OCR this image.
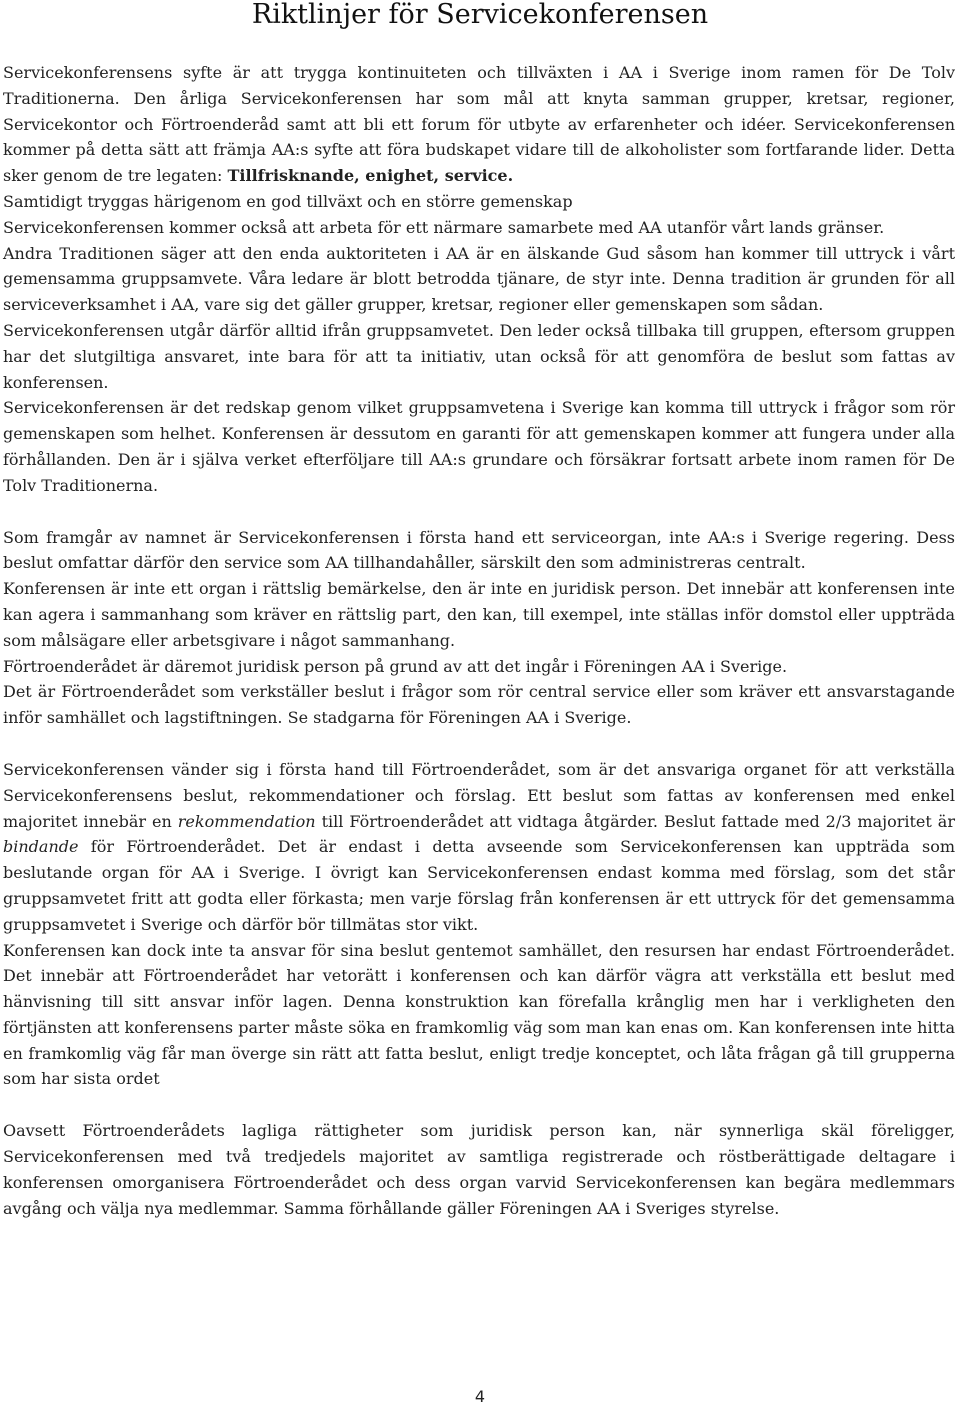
Riktlinjer för Servicekonferensen

Servicekonferensens syfte är att trygga kontinuiteten och tillväxten i AA i Sverige inom ramen för De Tolv Traditionerna. Den årliga Servicekonferensen har som mål att knyta samman grupper, kretsar, regioner, Servicekontor och Förtroenderåd samt att bli ett forum för utbyte av erfarenheter och idéer. Servicekonferensen kommer på detta sätt att främja AA:s syfte att föra budskapet vidare till de alkoholister som fortfarande lider. Detta sker genom de tre legaten: Tillfrisknande, enighet, service.

Samtidigt tryggas härigenom en god tillväxt och en större gemenskap

Servicekonferensen kommer också att arbeta för ett närmare samarbete med AA utanför vårt lands gränser.

Andra Traditionen säger att den enda auktoriteten i AA är en älskande Gud såsom han kommer till uttryck i vårt gemensamma gruppsamvete. Våra ledare är blott betrodda tjänare, de styr inte. Denna tradition är grunden för all serviceverksamhet i AA, vare sig det gäller grupper, kretsar, regioner eller gemenskapen som sådan.

Servicekonferensen utgår därför alltid ifrån gruppsamvetet. Den leder också tillbaka till gruppen, eftersom gruppen har det slutgiltiga ansvaret, inte bara för att ta initiativ, utan också för att genomföra de beslut som fattas av konferensen.

Servicekonferensen är det redskap genom vilket gruppsamvetena i Sverige kan komma till uttryck i frågor som rör gemenskapen som helhet. Konferensen är dessutom en garanti för att gemenskapen kommer att fungera under alla förhållanden. Den är i själva verket efterföljare till AA:s grundare och försäkrar fortsatt arbete inom ramen för De Tolv Traditionerna.

Som framgår av namnet är Servicekonferensen i första hand ett serviceorgan, inte AA:s i Sverige regering. Dess beslut omfattar därför den service som AA tillhandahåller, särskilt den som administreras centralt.

Konferensen är inte ett organ i rättslig bemärkelse, den är inte en juridisk person. Det innebär att konferensen inte kan agera i sammanhang som kräver en rättslig part, den kan, till exempel, inte ställas inför domstol eller uppträda som målsägare eller arbetsgivare i något sammanhang.

Förtroenderådet är däremot juridisk person på grund av att det ingår i Föreningen AA i Sverige.

Det är Förtroenderådet som verkställer beslut i frågor som rör central service eller som kräver ett ansvarstagande inför samhället och lagstiftningen. Se stadgarna för Föreningen AA i Sverige.

Servicekonferensen vänder sig i första hand till Förtroenderådet, som är det ansvariga organet för att verkställa Servicekonferensens beslut, rekommendationer och förslag. Ett beslut som fattas av konferensen med enkel majoritet innebär en rekommendation till Förtroenderådet att vidtaga åtgärder. Beslut fattade med 2/3 majoritet är bindande för Förtroenderådet. Det är endast i detta avseende som Servicekonferensen kan uppträda som beslutande organ för AA i Sverige. I övrigt kan Servicekonferensen endast komma med förslag, som det står gruppsamvetet fritt att godta eller förkasta; men varje förslag från konferensen är ett uttryck för det gemensamma gruppsamvetet i Sverige och därför bör tillmätas stor vikt.

Konferensen kan dock inte ta ansvar för sina beslut gentemot samhället, den resursen har endast Förtroenderådet. Det innebär att Förtroenderådet har vetorätt i konferensen och kan därför vägra att verkställa ett beslut med hänvisning till sitt ansvar inför lagen. Denna konstruktion kan förefalla krånglig men har i verkligheten den förtjänsten att konferensens parter måste söka en framkomlig väg som man kan enas om. Kan konferensen inte hitta en framkomlig väg får man överge sin rätt att fatta beslut, enligt tredje konceptet, och låta frågan gå till grupperna som har sista ordet

Oavsett Förtroenderådets lagliga rättigheter som juridisk person kan, när synnerliga skäl föreligger, Servicekonferensen med två tredjedels majoritet av samtliga registrerade och röstberättigade deltagare i konferensen omorganisera Förtroenderådet och dess organ varvid Servicekonferensen kan begära medlemmars avgång och välja nya medlemmar. Samma förhållande gäller Föreningen AA i Sveriges styrelse.

4
